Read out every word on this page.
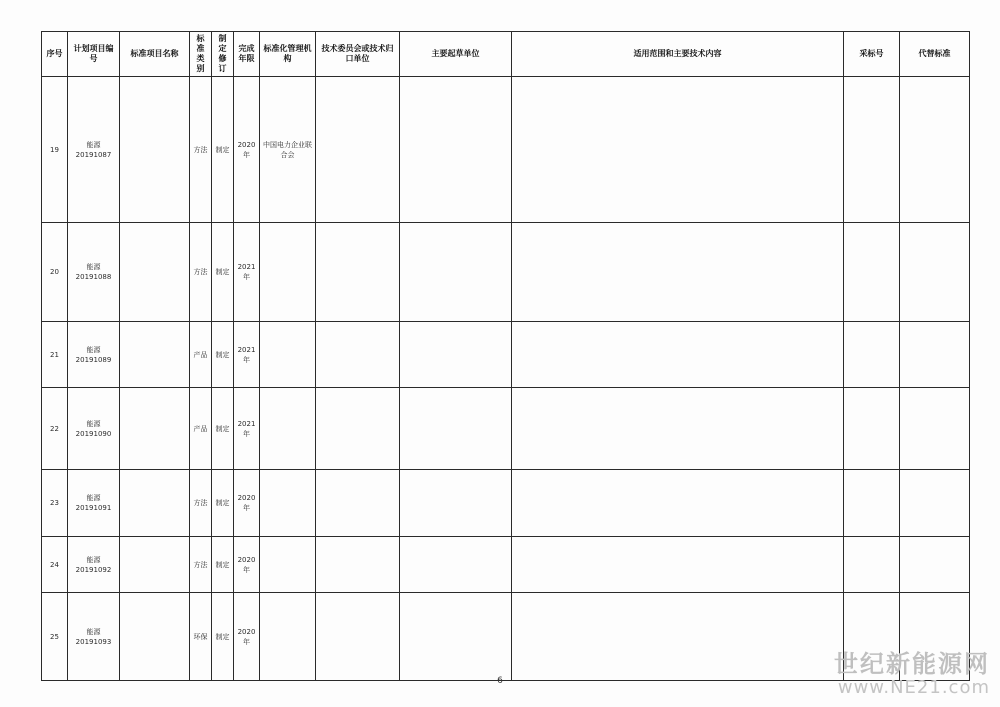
序号	计划项目编号	标准项目名称	标准类别	制定修订	完成年限	标准化管理机构	技术委员会或技术归口单位	主要起草单位	适用范围和主要技术内容	采标号	代替标准
19	能源 20191087		方法	制定	2020年	中国电力企业联合会					
20	能源 20191088		方法	制定	2021年						
21	能源 20191089		产品	制定	2021年						
22	能源 20191090		产品	制定	2021年						
23	能源 20191091		方法	制定	2020年						
24	能源 20191092		方法	制定	2020年						
25	能源 20191093		环保	制定	2020年						
6
世纪新能源网
www.NE21.com
